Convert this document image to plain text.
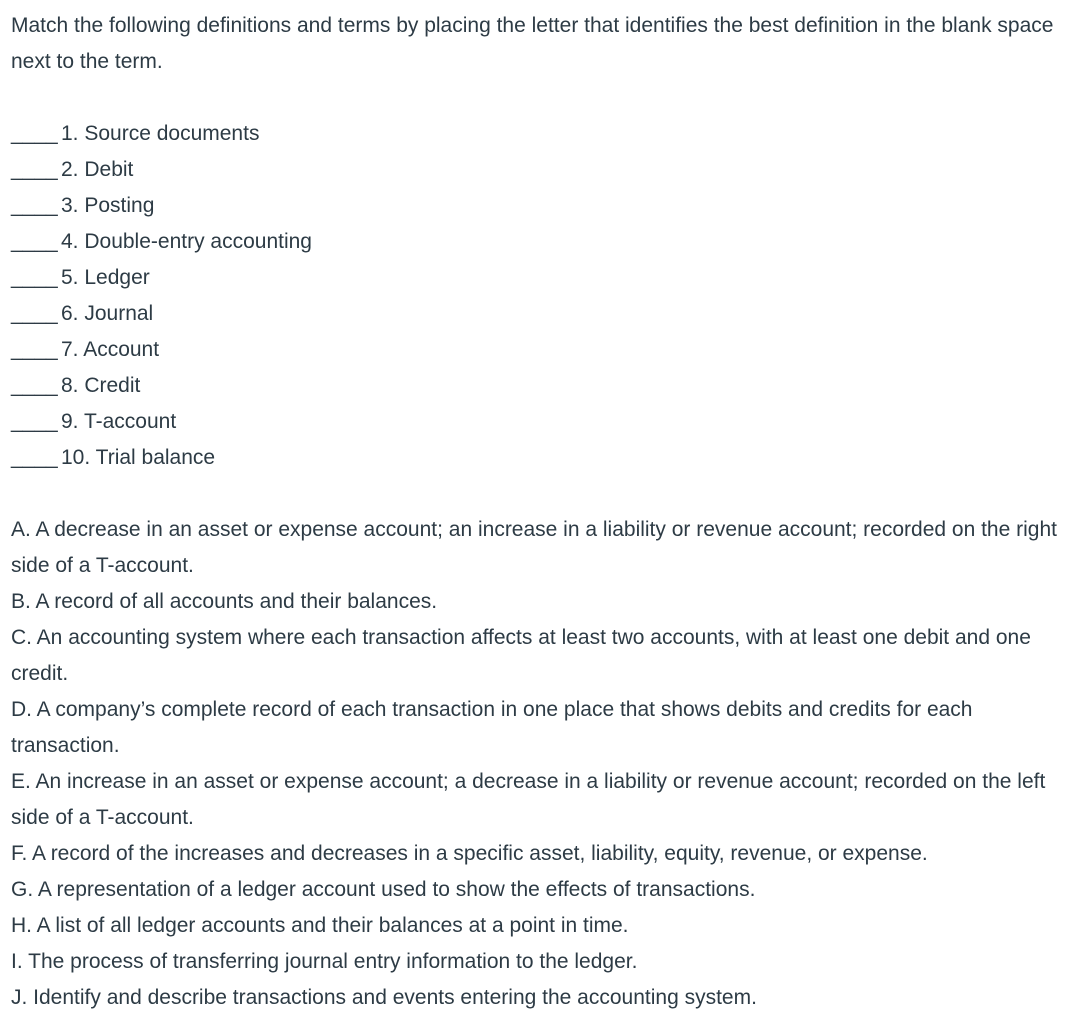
Match the following definitions and terms by placing the letter that identifies the best definition in the blank space next to the term.

____ 1. Source documents
____ 2. Debit
____ 3. Posting
____ 4. Double-entry accounting
____ 5. Ledger
____ 6. Journal
____ 7. Account
____ 8. Credit
____ 9. T-account
____ 10. Trial balance

A. A decrease in an asset or expense account; an increase in a liability or revenue account; recorded on the right side of a T-account.

B. A record of all accounts and their balances.

C. An accounting system where each transaction affects at least two accounts, with at least one debit and one credit.

D. A company’s complete record of each transaction in one place that shows debits and credits for each transaction.

E. An increase in an asset or expense account; a decrease in a liability or revenue account; recorded on the left side of a T-account.

F. A record of the increases and decreases in a specific asset, liability, equity, revenue, or expense.

G. A representation of a ledger account used to show the effects of transactions.

H. A list of all ledger accounts and their balances at a point in time.

I. The process of transferring journal entry information to the ledger.

J. Identify and describe transactions and events entering the accounting system.
